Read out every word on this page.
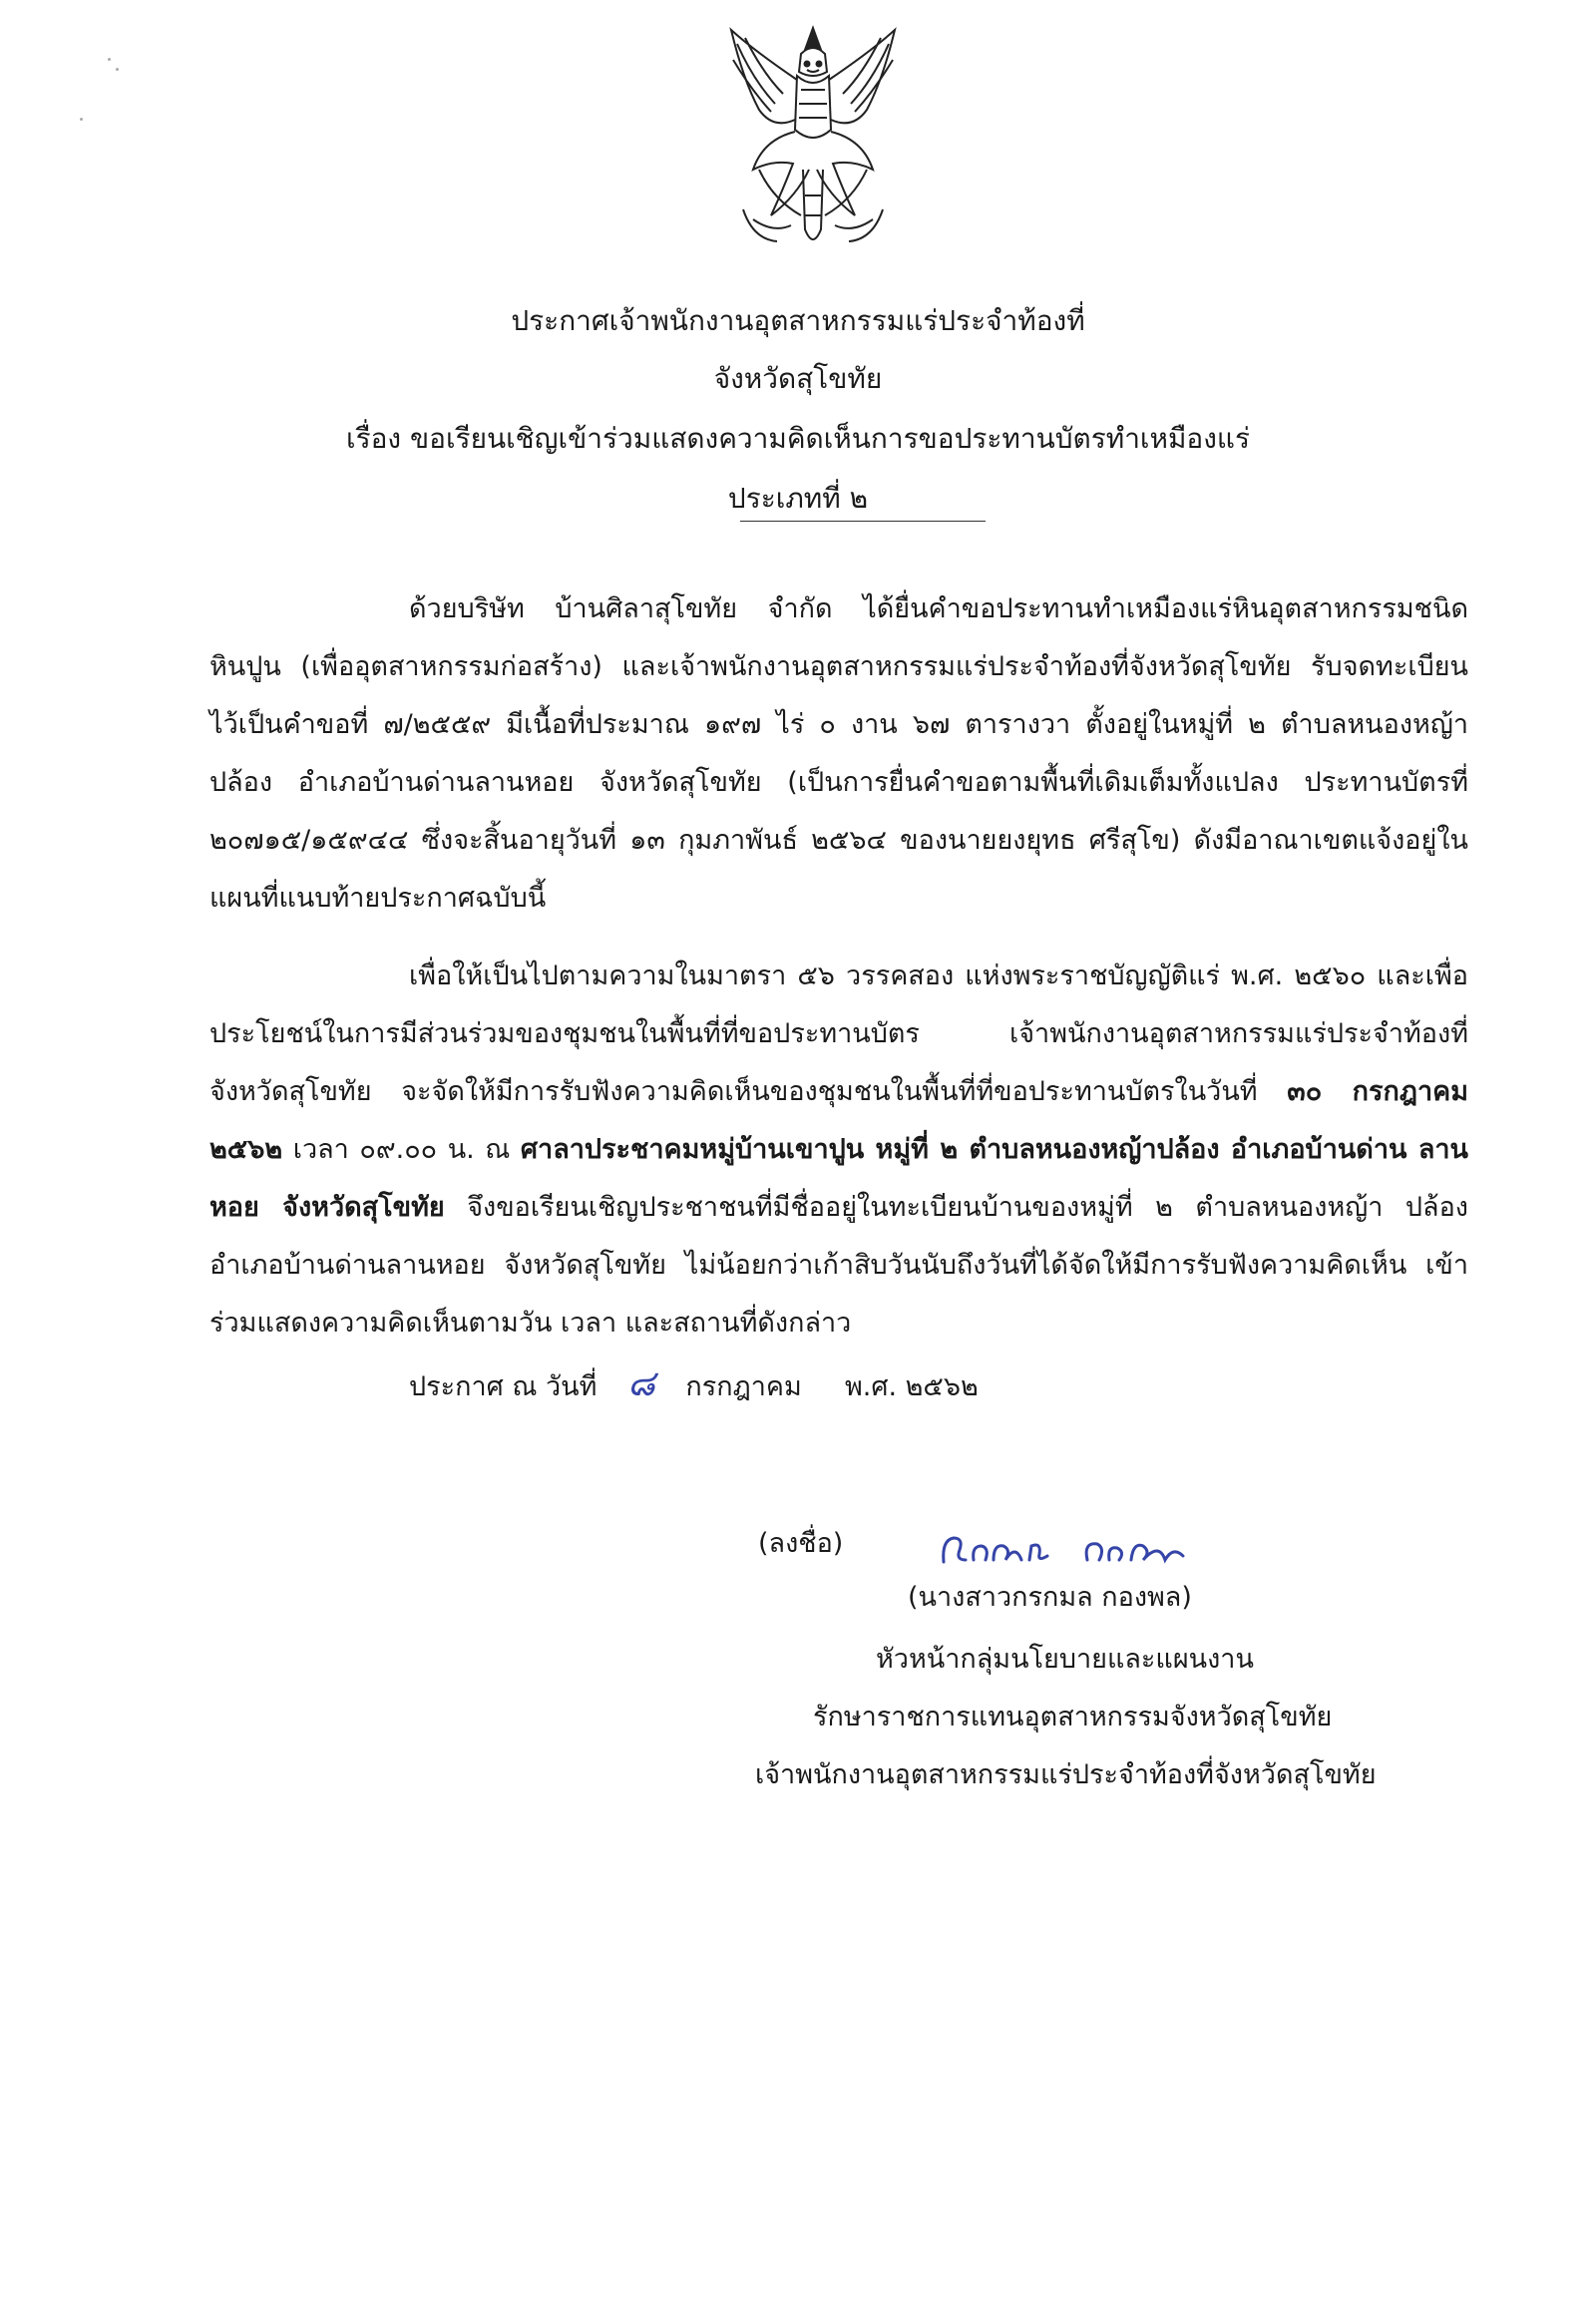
ประกาศเจ้าพนักงานอุตสาหกรรมแร่ประจำท้องที่
จังหวัดสุโขทัย
เรื่อง ขอเรียนเชิญเข้าร่วมแสดงความคิดเห็นการขอประทานบัตรทำเหมืองแร่
ประเภทที่ ๒
ด้วยบริษัท บ้านศิลาสุโขทัย จำกัด ได้ยื่นคำขอประทานทำเหมืองแร่หินอุตสาหกรรมชนิด หินปูน (เพื่ออุตสาหกรรมก่อสร้าง) และเจ้าพนักงานอุตสาหกรรมแร่ประจำท้องที่จังหวัดสุโขทัย รับจดทะเบียน ไว้เป็นคำขอที่ ๗/๒๕๕๙ มีเนื้อที่ประมาณ ๑๙๗ ไร่ ๐ งาน ๖๗ ตารางวา ตั้งอยู่ในหมู่ที่ ๒ ตำบลหนองหญ้า ปล้อง อำเภอบ้านด่านลานหอย จังหวัดสุโขทัย (เป็นการยื่นคำขอตามพื้นที่เดิมเต็มทั้งแปลง ประทานบัตรที่ ๒๐๗๑๕/๑๕๙๔๔ ซึ่งจะสิ้นอายุวันที่ ๑๓ กุมภาพันธ์ ๒๕๖๔ ของนายยงยุทธ ศรีสุโข) ดังมีอาณาเขตแจ้งอยู่ใน แผนที่แนบท้ายประกาศฉบับนี้
เพื่อให้เป็นไปตามความในมาตรา ๕๖ วรรคสอง แห่งพระราชบัญญัติแร่ พ.ศ. ๒๕๖๐ และเพื่อ ประโยชน์ในการมีส่วนร่วมของชุมชนในพื้นที่ที่ขอประทานบัตร เจ้าพนักงานอุตสาหกรรมแร่ประจำท้องที่ จังหวัดสุโขทัย จะจัดให้มีการรับฟังความคิดเห็นของชุมชนในพื้นที่ที่ขอประทานบัตรในวันที่ ๓๐ กรกฎาคม ๒๕๖๒ เวลา ๐๙.๐๐ น. ณ ศาลาประชาคมหมู่บ้านเขาปูน หมู่ที่ ๒ ตำบลหนองหญ้าปล้อง อำเภอบ้านด่าน ลานหอย จังหวัดสุโขทัย จึงขอเรียนเชิญประชาชนที่มีชื่ออยู่ในทะเบียนบ้านของหมู่ที่ ๒ ตำบลหนองหญ้า ปล้อง อำเภอบ้านด่านลานหอย จังหวัดสุโขทัย ไม่น้อยกว่าเก้าสิบวันนับถึงวันที่ได้จัดให้มีการรับฟังความคิดเห็น เข้าร่วมแสดงความคิดเห็นตามวัน เวลา และสถานที่ดังกล่าว
ประกาศ ณ วันที่ ๘ กรกฎาคม พ.ศ. ๒๕๖๒
(ลงชื่อ)
(นางสาวกรกมล กองพล)
หัวหน้ากลุ่มนโยบายและแผนงาน
รักษาราชการแทนอุตสาหกรรมจังหวัดสุโขทัย
เจ้าพนักงานอุตสาหกรรมแร่ประจำท้องที่จังหวัดสุโขทัย
